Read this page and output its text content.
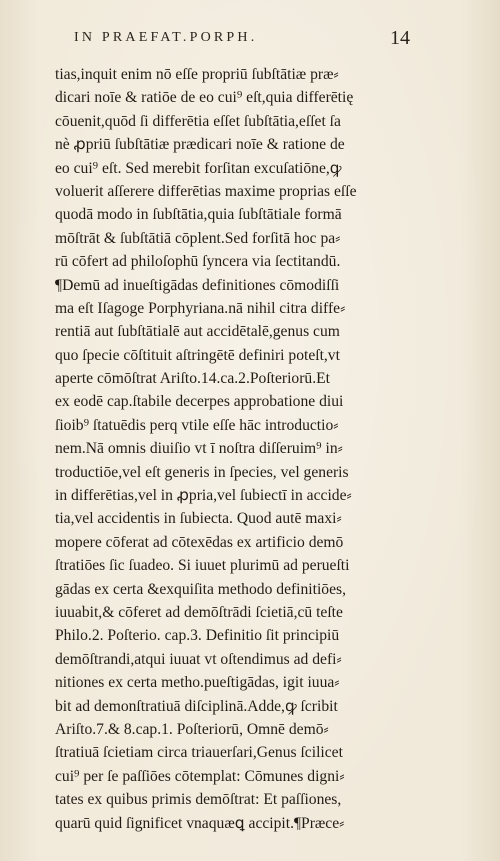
IN PRAEFAT.PORPH.	14
tias,inquit enim nō eſſe propriū ſubſtātiæ præ⸗
dicari noīe & ratiōe de eo cui⁹ eſt,quia differētię
cōuenit,quōd ſi differētia eſſet ſubſtātia,eſſet ſa
nè ꝓpriū ſubſtātiæ prædicari noīe & ratione de
eo cui⁹ eſt. Sed merebit forſitan excuſatiōne,ꝙ
voluerit aſſerere differētias maxime proprias eſſe
quodā modo in ſubſtātia,quia ſubſtātiale formā
mōſtrāt & ſubſtātiā cōplent.Sed forſitā hoc pa⸗
rū cōfert ad philoſophū ſyncera via ſectitandū.
¶Demū ad inueſtigādas definitiones cōmodiſſi
ma eſt Iſagoge Porphyriana.nā nihil citra diffe⸗
rentiā aut ſubſtātialē aut accidētalē,genus cum
quo ſpecie cōſtituit aſtringētē definiri poteſt,vt
aperte cōmōſtrat Ariſto.14.ca.2.Poſteriorū.Et
ex eodē cap.ſtabile decerpes approbatione diui
ſioib⁹ ſtatuēdis perq vtile eſſe hāc introductio⸗
nem.Nā omnis diuiſio vt ī noſtra diſſeruim⁹ in⸗
troductiōe,vel eſt generis in ſpecies, vel generis
in differētias,vel in ꝓpria,vel ſubiectī in accide⸗
tia,vel accidentis in ſubiecta. Quod autē maxi⸗
mopere cōferat ad cōtexēdas ex artificio demō
ſtratiōes ſic ſuadeo. Si iuuet plurimū ad perueſti
gādas ex certa &exquiſita methodo definitiōes,
iuuabit,& cōferet ad demōſtrādi ſcietiā,cū teſte
Philo.2. Poſterio. cap.3. Definitio ſit principiū
demōſtrandi,atqui iuuat vt oſtendimus ad defi⸗
nitiones ex certa metho.pueſtigādas, igit iuua⸗
bit ad demonſtratiuā diſciplinā.Adde,ꝙ ſcribit
Ariſto.7.& 8.cap.1. Poſteriorū, Omnē demō⸗
ſtratiuā ſcietiam circa triauerſari,Genus ſcilicet
cui⁹ per ſe paſſiōes cōtemplat: Cōmunes digni⸗
tates ex quibus primis demōſtrat: Et paſſiones,
quarū quid ſignificet vnaquæꝗ accipit.¶Præce⸗
